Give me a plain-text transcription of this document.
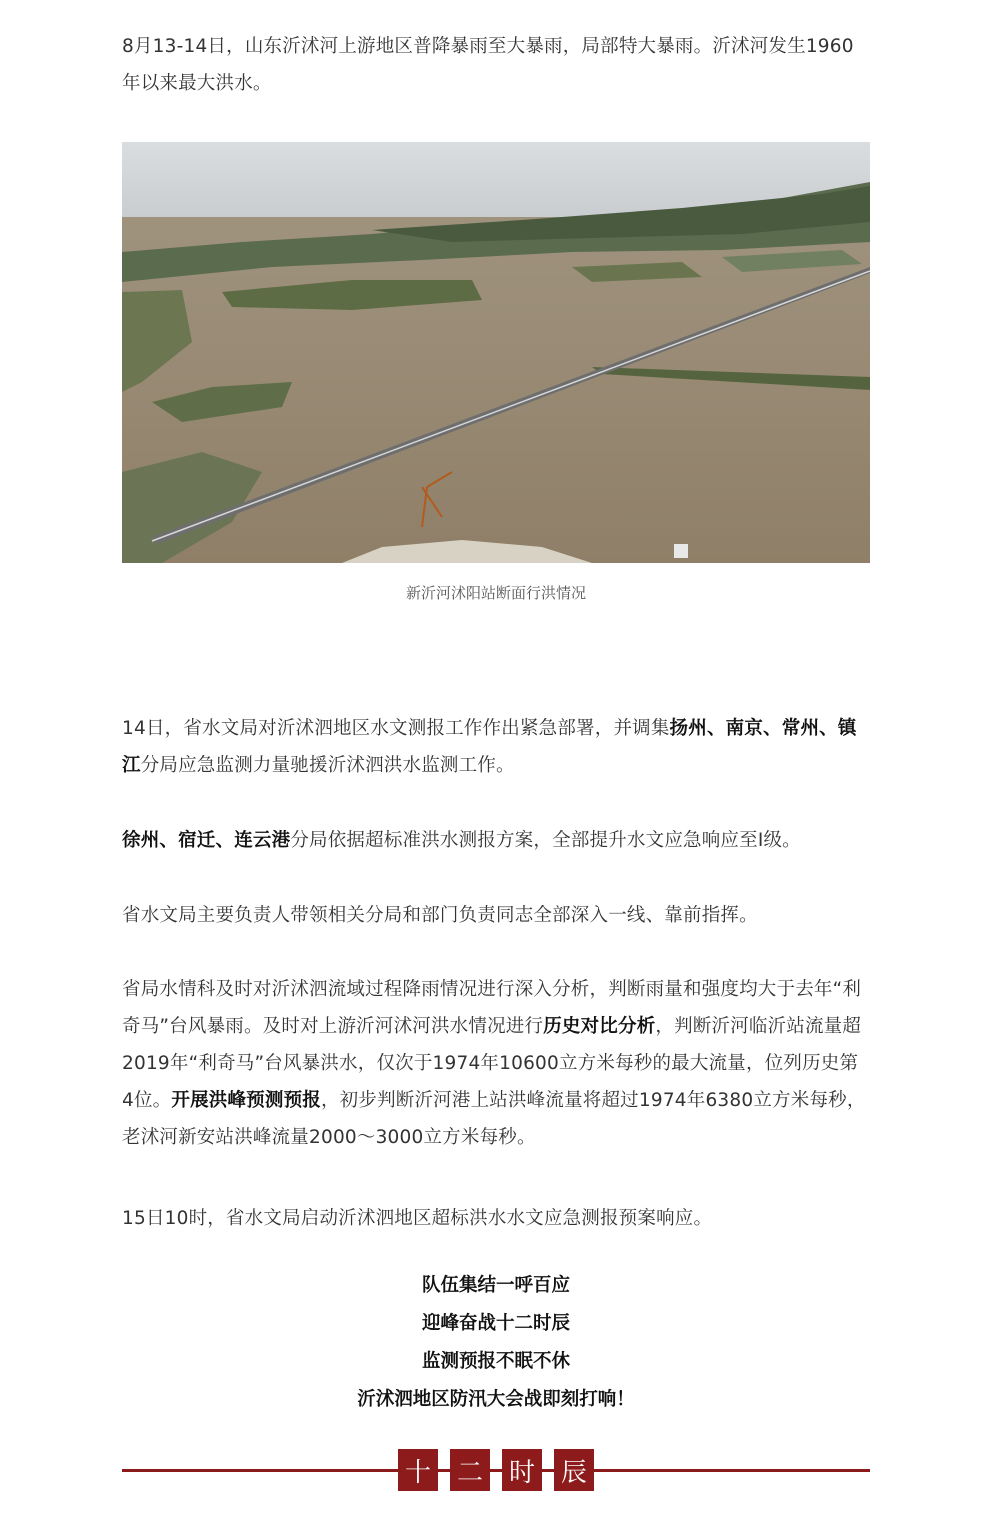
8月13-14日，山东沂沭河上游地区普降暴雨至大暴雨，局部特大暴雨。沂沭河发生1960年以来最大洪水。

新沂河沭阳站断面行洪情况

14日，省水文局对沂沭泗地区水文测报工作作出紧急部署，并调集扬州、南京、常州、镇江分局应急监测力量驰援沂沭泗洪水监测工作。

徐州、宿迁、连云港分局依据超标准洪水测报方案，全部提升水文应急响应至Ⅰ级。

省水文局主要负责人带领相关分局和部门负责同志全部深入一线、靠前指挥。

省局水情科及时对沂沭泗流域过程降雨情况进行深入分析，判断雨量和强度均大于去年“利奇马”台风暴雨。及时对上游沂河沭河洪水情况进行历史对比分析，判断沂河临沂站流量超2019年“利奇马”台风暴洪水，仅次于1974年10600立方米每秒的最大流量，位列历史第4位。开展洪峰预测预报，初步判断沂河港上站洪峰流量将超过1974年6380立方米每秒，老沭河新安站洪峰流量2000～3000立方米每秒。

15日10时，省水文局启动沂沭泗地区超标洪水水文应急测报预案响应。

队伍集结一呼百应
迎峰奋战十二时辰
监测预报不眠不休
沂沭泗地区防汛大会战即刻打响！
十 二 时 辰
